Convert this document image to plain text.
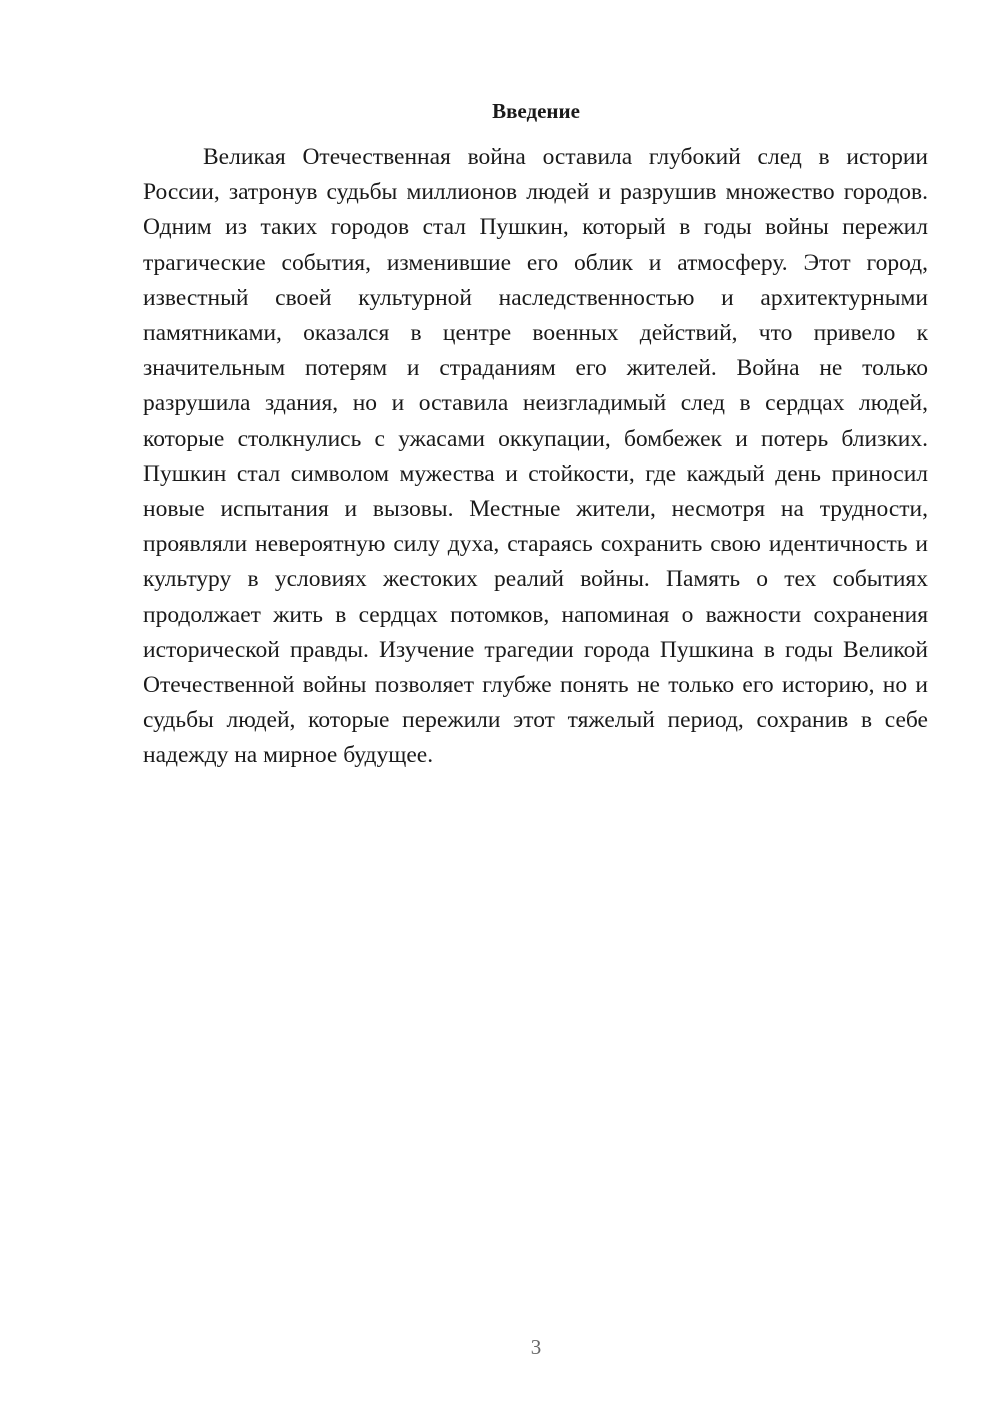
Введение

Великая Отечественная война оставила глубокий след в истории России, затронув судьбы миллионов людей и разрушив множество городов. Одним из таких городов стал Пушкин, который в годы войны пережил трагические события, изменившие его облик и атмосферу. Этот город, известный своей культурной наследственностью и архитектурными памятниками, оказался в центре военных действий, что привело к значительным потерям и страданиям его жителей. Война не только разрушила здания, но и оставила неизгладимый след в сердцах людей, которые столкнулись с ужасами оккупации, бомбежек и потерь близких. Пушкин стал символом мужества и стойкости, где каждый день приносил новые испытания и вызовы. Местные жители, несмотря на трудности, проявляли невероятную силу духа, стараясь сохранить свою идентичность и культуру в условиях жестоких реалий войны. Память о тех событиях продолжает жить в сердцах потомков, напоминая о важности сохранения исторической правды. Изучение трагедии города Пушкина в годы Великой Отечественной войны позволяет глубже понять не только его историю, но и судьбы людей, которые пережили этот тяжелый период, сохранив в себе надежду на мирное будущее.

3
